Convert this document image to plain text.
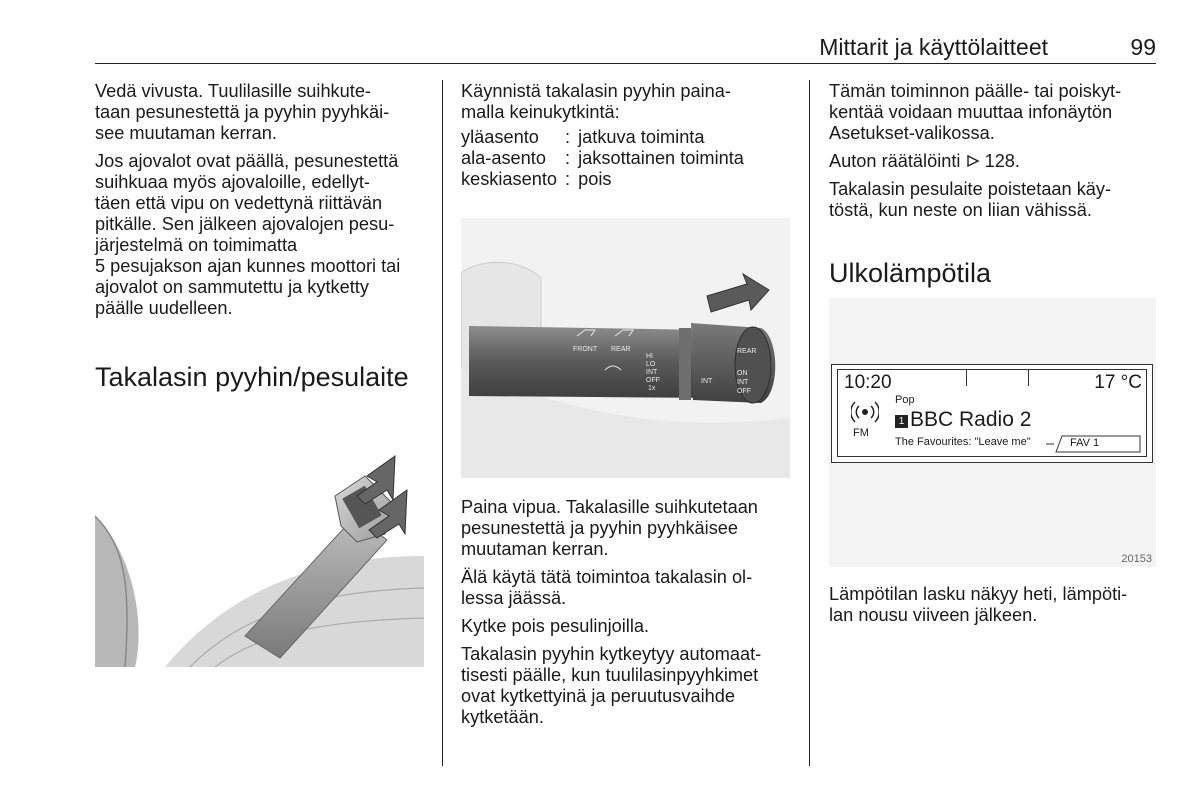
Mittarit ja käyttölaitteet	99

Vedä vivusta. Tuulilasille suihkute-
taan pesunestettä ja pyyhin pyyhkäi-
see muutaman kerran.

Jos ajovalot ovat päällä, pesunestettä
suihkuaa myös ajovaloille, edellyt-
täen että vipu on vedettynä riittävän
pitkälle. Sen jälkeen ajovalojen pesu-
järjestelmä on toimimatta
5 pesujakson ajan kunnes moottori tai
ajovalot on sammutettu ja kytketty
päälle uudelleen.

Takalasin pyyhin/pesulaite

Käynnistä takalasin pyyhin paina-
malla keinukytkintä:

yläasento	:	jatkuva toiminta
ala-asento	:	jaksottainen toiminta
keskiasento	:	pois
FRONT REAR
HI
LO
INT
OFF
1x
INT
REAR
ON
INT
OFF

Paina vipua. Takalasille suihkutetaan
pesunestettä ja pyyhin pyyhkäisee
muutaman kerran.

Älä käytä tätä toimintoa takalasin ol-
lessa jäässä.

Kytke pois pesulinjoilla.

Takalasin pyyhin kytkeytyy automaat-
tisesti päälle, kun tuulilasinpyyhkimet
ovat kytkettyinä ja peruutusvaihde
kytketään.

Tämän toiminnon päälle- tai poiskyt-
kentää voidaan muuttaa infonäytön
Asetukset-valikossa.

Auton räätälöinti 128.

Takalasin pesulaite poistetaan käy-
töstä, kun neste on liian vähissä.

Ulkolämpötila
10:20	17 °C
FM
Pop
1 BBC Radio 2
The Favourites: "Leave me"	FAV 1
20153

Lämpötilan lasku näkyy heti, lämpöti-
lan nousu viiveen jälkeen.
